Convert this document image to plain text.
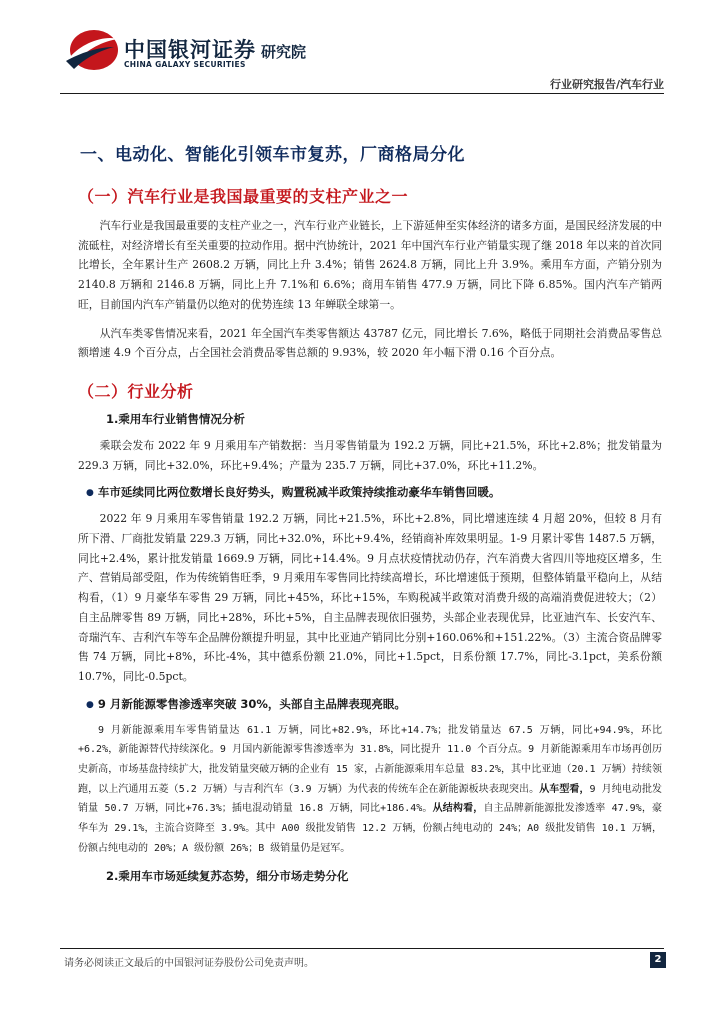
中国银河证券
CHINA GALAXY SECURITIES
研究院
行业研究报告/汽车行业
一、电动化、智能化引领车市复苏，厂商格局分化
（一）汽车行业是我国最重要的支柱产业之一
汽车行业是我国最重要的支柱产业之一，汽车行业产业链长，上下游延伸至实体经济的诸多方面，是国民经济发展的中流砥柱，对经济增长有至关重要的拉动作用。据中汽协统计，2021 年中国汽车行业产销量实现了继 2018 年以来的首次同比增长，全年累计生产 2608.2 万辆，同比上升 3.4%；销售 2624.8 万辆，同比上升 3.9%。乘用车方面，产销分别为 2140.8 万辆和 2146.8 万辆，同比上升 7.1%和 6.6%；商用车销售 477.9 万辆，同比下降 6.85%。国内汽车产销两旺，目前国内汽车产销量仍以绝对的优势连续 13 年蝉联全球第一。
从汽车类零售情况来看，2021 年全国汽车类零售额达 43787 亿元，同比增长 7.6%，略低于同期社会消费品零售总额增速 4.9 个百分点，占全国社会消费品零售总额的 9.93%，较 2020 年小幅下滑 0.16 个百分点。
（二）行业分析
1.乘用车行业销售情况分析
乘联会发布 2022 年 9 月乘用车产销数据：当月零售销量为 192.2 万辆，同比+21.5%，环比+2.8%；批发销量为 229.3 万辆，同比+32.0%，环比+9.4%；产量为 235.7 万辆，同比+37.0%，环比+11.2%。
● 车市延续同比两位数增长良好势头，购置税减半政策持续推动豪华车销售回暖。
2022 年 9 月乘用车零售销量 192.2 万辆，同比+21.5%，环比+2.8%，同比增速连续 4 月超 20%，但较 8 月有所下滑、厂商批发销量 229.3 万辆，同比+32.0%，环比+9.4%，经销商补库效果明显。1-9 月累计零售 1487.5 万辆，同比+2.4%，累计批发销量 1669.9 万辆，同比+14.4%。9 月点状疫情扰动仍存，汽车消费大省四川等地疫区增多，生产、营销局部受阻，作为传统销售旺季，9 月乘用车零售同比持续高增长，环比增速低于预期，但整体销量平稳向上，从结构看，（1）9 月豪华车零售 29 万辆，同比+45%，环比+15%，车购税减半政策对消费升级的高端消费促进较大；（2）自主品牌零售 89 万辆，同比+28%，环比+5%，自主品牌表现依旧强势，头部企业表现优异，比亚迪汽车、长安汽车、奇瑞汽车、吉利汽车等车企品牌份额提升明显，其中比亚迪产销同比分别+160.06%和+151.22%。（3）主流合资品牌零售 74 万辆，同比+8%，环比-4%，其中德系份额 21.0%，同比+1.5pct，日系份额 17.7%，同比-3.1pct，美系份额 10.7%，同比-0.5pct。
● 9 月新能源零售渗透率突破 30%，头部自主品牌表现亮眼。
9 月新能源乘用车零售销量达 61.1 万辆，同比+82.9%，环比+14.7%；批发销量达 67.5 万辆，同比+94.9%，环比+6.2%，新能源替代持续深化。9 月国内新能源零售渗透率为 31.8%，同比提升 11.0 个百分点。9 月新能源乘用车市场再创历史新高，市场基盘持续扩大，批发销量突破万辆的企业有 15 家，占新能源乘用车总量 83.2%，其中比亚迪（20.1 万辆）持续领跑，以上汽通用五菱（5.2 万辆）与吉利汽车（3.9 万辆）为代表的传统车企在新能源板块表现突出。从车型看，9 月纯电动批发销量 50.7 万辆，同比+76.3%；插电混动销量 16.8 万辆，同比+186.4%。从结构看，自主品牌新能源批发渗透率 47.9%，豪华车为 29.1%，主流合资降至 3.9%。其中 A00 级批发销售 12.2 万辆，份额占纯电动的 24%；A0 级批发销售 10.1 万辆，份额占纯电动的 20%；A 级份额 26%；B 级销量仍是冠军。
2.乘用车市场延续复苏态势，细分市场走势分化
请务必阅读正文最后的中国银河证券股份公司免责声明。	2
